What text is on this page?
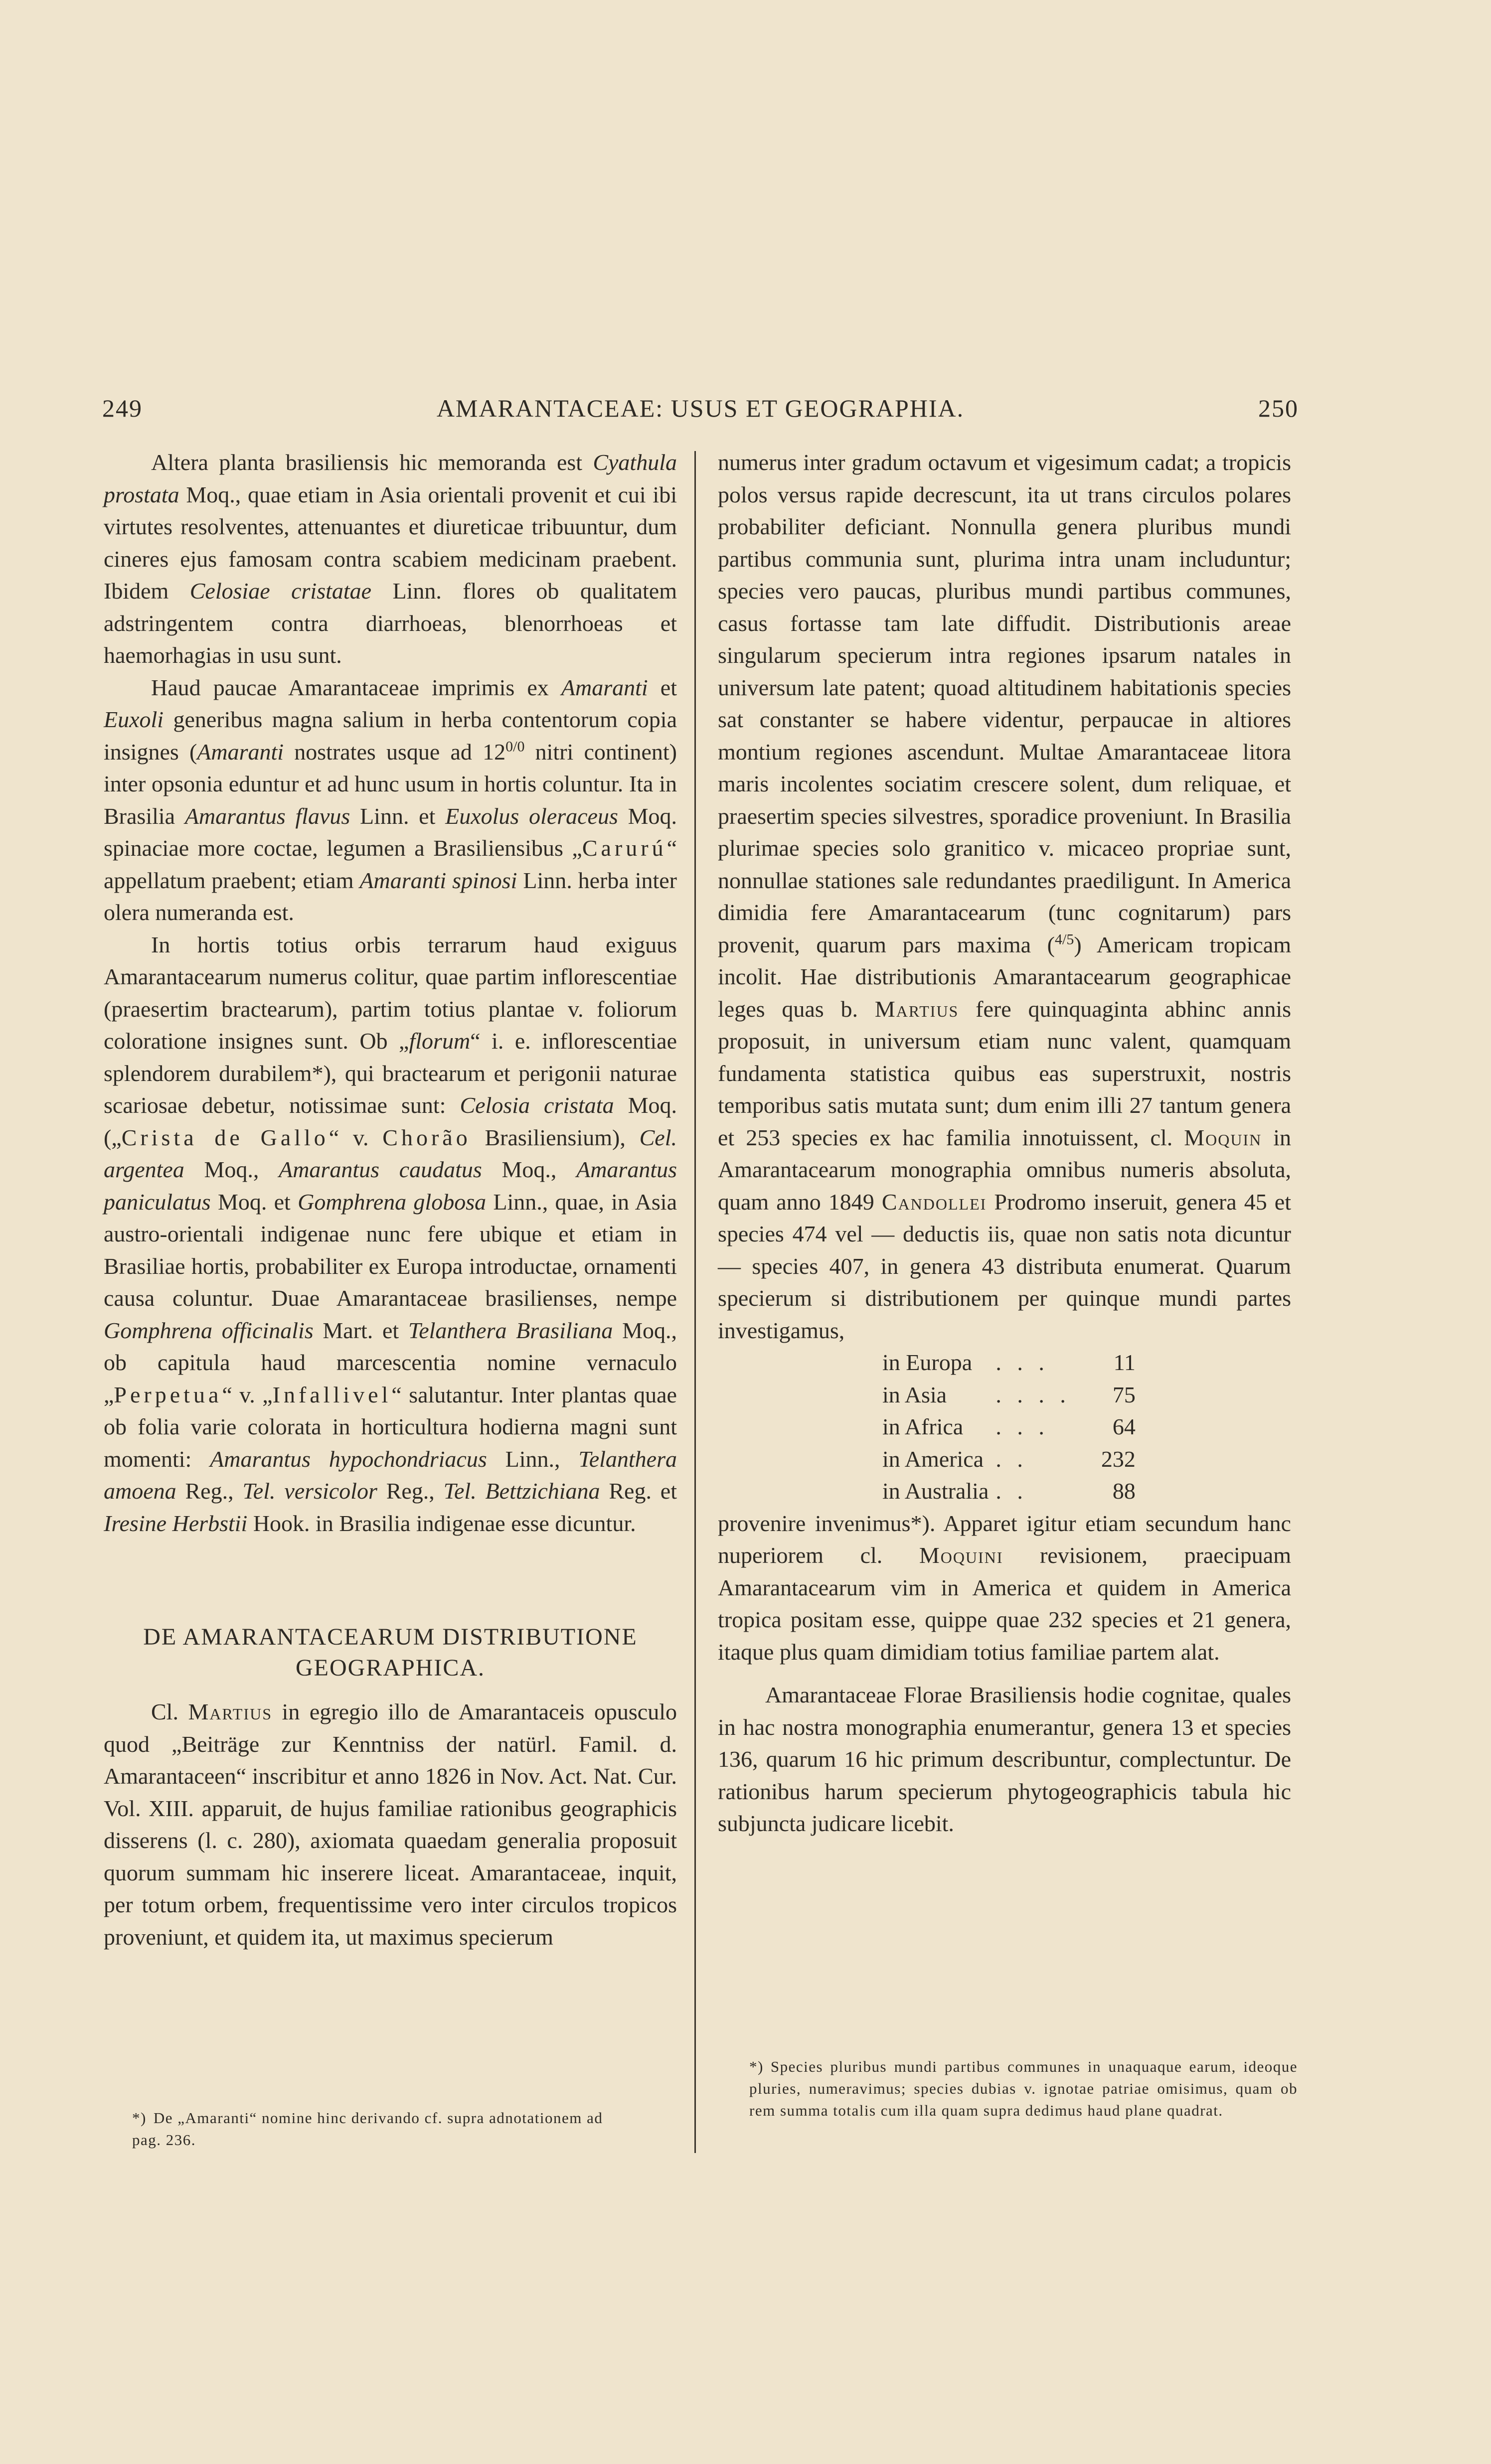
249	AMARANTACEAE: USUS ET GEOGRAPHIA.	250

Altera planta brasiliensis hic memoranda est Cyathula prostata Moq., quae etiam in Asia orientali provenit et cui ibi virtutes resolventes, attenuantes et diureticae tribuuntur, dum cineres ejus famosam contra scabiem medicinam praebent. Ibidem Celosiae cristatae Linn. flores ob qualitatem adstringentem contra diarrhoeas, blenorrhoeas et haemorhagias in usu sunt.

Haud paucae Amarantaceae imprimis ex Amaranti et Euxoli generibus magna salium in herba contentorum copia insignes (Amaranti nostrates usque ad $12^{0/0}$ nitri continent) inter opsonia eduntur et ad hunc usum in hortis coluntur. Ita in Brasilia Amarantus flavus Linn. et Euxolus oleraceus Moq. spinaciae more coctae, legumen a Brasiliensibus „Carurú“ appellatum praebent; etiam Amaranti spinosi Linn. herba inter olera numeranda est.

In hortis totius orbis terrarum haud exiguus Amarantacearum numerus colitur, quae partim inflorescentiae (praesertim bractearum), partim totius plantae v. foliorum coloratione insignes sunt. Ob „florum“ i. e. inflorescentiae splendorem durabilem*), qui bractearum et perigonii naturae scariosae debetur, notissimae sunt: Celosia cristata Moq. („Crista de Gallo“ v. Chorão Brasiliensium), Cel. argentea Moq., Amarantus caudatus Moq., Amarantus paniculatus Moq. et Gomphrena globosa Linn., quae, in Asia austro-orientali indigenae nunc fere ubique et etiam in Brasiliae hortis, probabiliter ex Europa introductae, ornamenti causa coluntur. Duae Amarantaceae brasilienses, nempe Gomphrena officinalis Mart. et Telanthera Brasiliana Moq., ob capitula haud marcescentia nomine vernaculo „Perpetua“ v. „Infallivel“ salutantur. Inter plantas quae ob folia varie colorata in horticultura hodierna magni sunt momenti: Amarantus hypochondriacus Linn., Telanthera amoena Reg., Tel. versicolor Reg., Tel. Bettzichiana Reg. et Iresine Herbstii Hook. in Brasilia indigenae esse dicuntur.

DE AMARANTACEARUM DISTRIBUTIONE
GEOGRAPHICA.

Cl. Martius in egregio illo de Amarantaceis opusculo quod „Beiträge zur Kenntniss der natürl. Famil. d. Amarantaceen“ inscribitur et anno 1826 in Nov. Act. Nat. Cur. Vol. XIII. apparuit, de hujus familiae rationibus geographicis disserens (l. c. 280), axiomata quaedam generalia proposuit quorum summam hic inserere liceat. Amarantaceae, inquit, per totum orbem, frequentissime vero inter circulos tropicos proveniunt, et quidem ita, ut maximus specierum

*) De „Amaranti“ nomine hinc derivando cf. supra adnotationem ad
pag. 236.

numerus inter gradum octavum et vigesimum cadat; a tropicis polos versus rapide decrescunt, ita ut trans circulos polares probabiliter deficiant. Nonnulla genera pluribus mundi partibus communia sunt, plurima intra unam includuntur; species vero paucas, pluribus mundi partibus communes, casus fortasse tam late diffudit. Distributionis areae singularum specierum intra regiones ipsarum natales in universum late patent; quoad altitudinem habitationis species sat constanter se habere videntur, perpaucae in altiores montium regiones ascendunt. Multae Amarantaceae litora maris incolentes sociatim crescere solent, dum reliquae, et praesertim species silvestres, sporadice proveniunt. In Brasilia plurimae species solo granitico v. micaceo propriae sunt, nonnullae stationes sale redundantes praediligunt. In America dimidia fere Amarantacearum (tunc cognitarum) pars provenit, quarum pars maxima ($^{4/5}$) Americam tropicam incolit. Hae distributionis Amarantacearum geographicae leges quas b. Martius fere quinquaginta abhinc annis proposuit, in universum etiam nunc valent, quamquam fundamenta statistica quibus eas superstruxit, nostris temporibus satis mutata sunt; dum enim illi 27 tantum genera et 253 species ex hac familia innotuissent, cl. Moquin in Amarantacearum monographia omnibus numeris absoluta, quam anno 1849 Candollei Prodromo inseruit, genera 45 et species 474 vel — deductis iis, quae non satis nota dicuntur — species 407, in genera 43 distributa enumerat. Quarum specierum si distributionem per quinque mundi partes investigamus,

in Europa	. . .	11
in Asia	. . . .	75
in Africa	. . .	64
in America	. .	232
in Australia	. .	88

provenire invenimus*). Apparet igitur etiam secundum hanc nuperiorem cl. Moquini revisionem, praecipuam Amarantacearum vim in America et quidem in America tropica positam esse, quippe quae 232 species et 21 genera, itaque plus quam dimidiam totius familiae partem alat.

Amarantaceae Florae Brasiliensis hodie cognitae, quales in hac nostra monographia enumerantur, genera 13 et species 136, quarum 16 hic primum describuntur, complectuntur. De rationibus harum specierum phytogeographicis tabula hic subjuncta judicare licebit.

*) Species pluribus mundi partibus communes in unaquaque earum, ideoque pluries, numeravimus; species dubias v. ignotae patriae omisimus, quam ob rem summa totalis cum illa quam supra dedimus haud plane quadrat.
